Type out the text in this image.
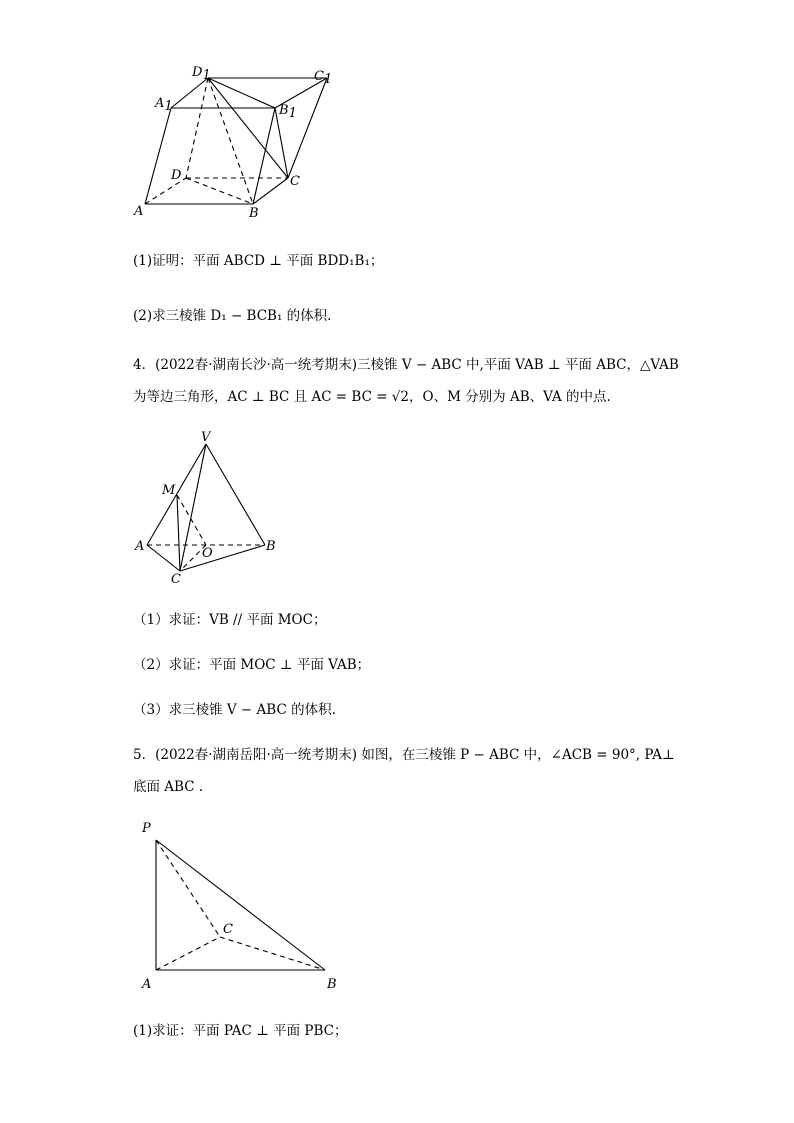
D1	C1
A1	B1
D	C
A	B
(1)证明：平面 ABCD ⊥ 平面 BDD₁B₁；
(2)求三棱锥 D₁ − BCB₁ 的体积.
4．(2022春·湖南长沙·高一统考期末)三棱锥 V − ABC 中,平面 VAB ⊥ 平面 ABC，△VAB
为等边三角形，AC ⊥ BC 且 AC = BC = √2，O、M 分别为 AB、VA 的中点.
V
M
A	O	B
C
（1）求证：VB // 平面 MOC；
（2）求证：平面 MOC ⊥ 平面 VAB；
（3）求三棱锥 V − ABC 的体积.
5．(2022春·湖南岳阳·高一统考期末) 如图，在三棱锥 P − ABC 中，∠ACB = 90°, PA⊥
底面 ABC .
P
C
A	B
(1)求证：平面 PAC ⊥ 平面 PBC；
